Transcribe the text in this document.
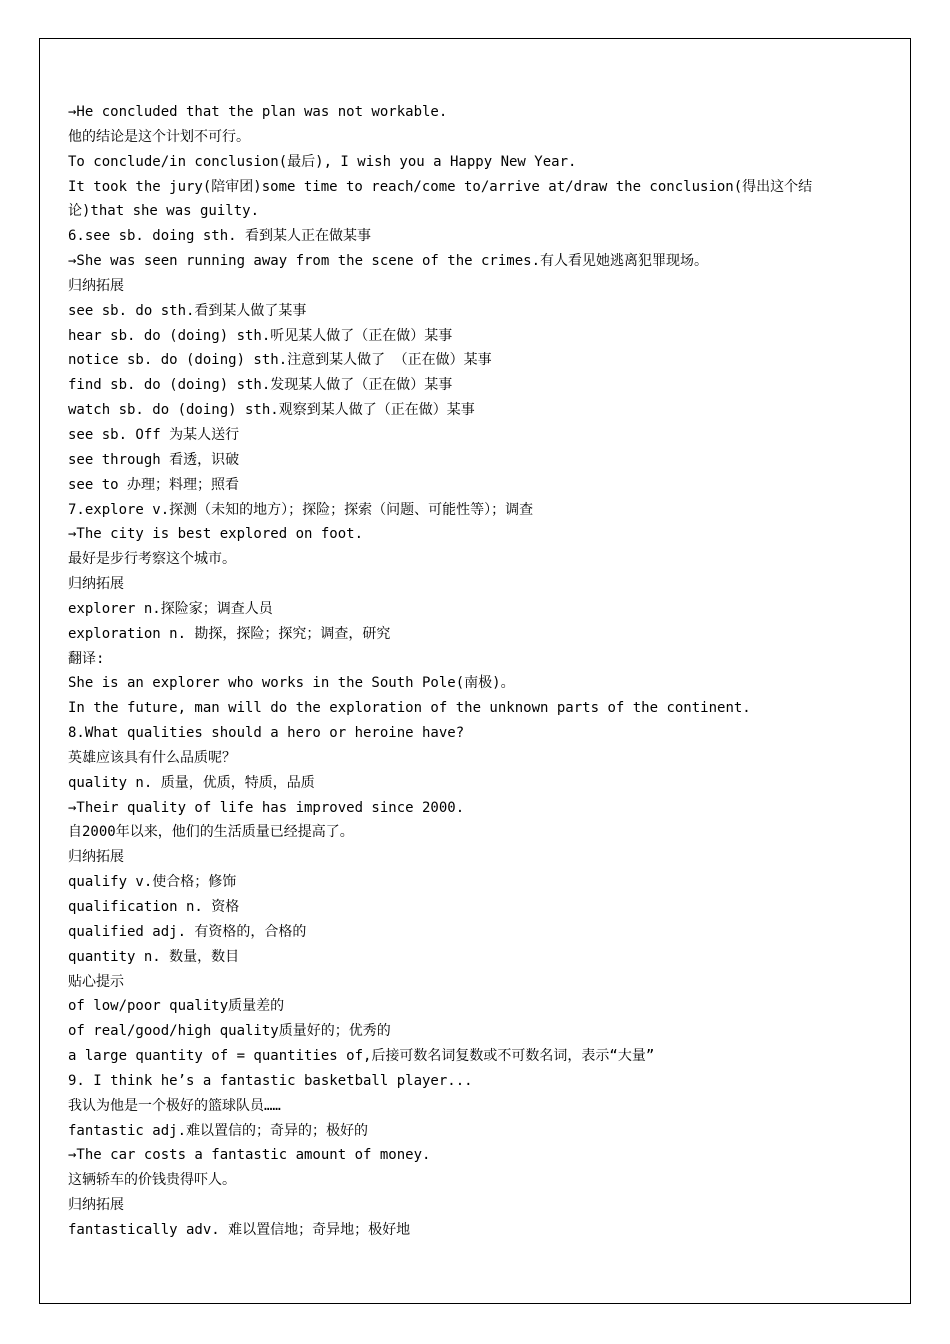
→He concluded that the plan was not workable.
他的结论是这个计划不可行。
To conclude/in conclusion(最后), I wish you a Happy New Year.
It took the jury(陪审团)some time to reach/come to/arrive at/draw the conclusion(得出这个结
论)that she was guilty.
6.see sb. doing sth. 看到某人正在做某事
→She was seen running away from the scene of the crimes.有人看见她逃离犯罪现场。
归纳拓展
see sb. do sth.看到某人做了某事
hear sb. do (doing) sth.听见某人做了（正在做）某事
notice sb. do (doing) sth.注意到某人做了 （正在做）某事
find sb. do (doing) sth.发现某人做了（正在做）某事
watch sb. do (doing) sth.观察到某人做了（正在做）某事
see sb. Off 为某人送行
see through 看透，识破
see to 办理；料理；照看
7.explore v.探测（未知的地方）；探险；探索（问题、可能性等）；调查
→The city is best explored on foot.
最好是步行考察这个城市。
归纳拓展
explorer n.探险家；调查人员
exploration n. 勘探，探险；探究；调查，研究
翻译:
She is an explorer who works in the South Pole(南极)。
In the future, man will do the exploration of the unknown parts of the continent.
8.What qualities should a hero or heroine have?
英雄应该具有什么品质呢？
quality n. 质量，优质，特质，品质
→Their quality of life has improved since 2000.
自2000年以来，他们的生活质量已经提高了。
归纳拓展
qualify v.使合格；修饰
qualification n. 资格
qualified adj. 有资格的，合格的
quantity n. 数量，数目
贴心提示
of low/poor quality质量差的
of real/good/high quality质量好的；优秀的
a large quantity of = quantities of,后接可数名词复数或不可数名词，表示“大量”
9. I think he’s a fantastic basketball player...
我认为他是一个极好的篮球队员……
fantastic adj.难以置信的；奇异的；极好的
→The car costs a fantastic amount of money.
这辆轿车的价钱贵得吓人。
归纳拓展
fantastically adv. 难以置信地；奇异地；极好地
